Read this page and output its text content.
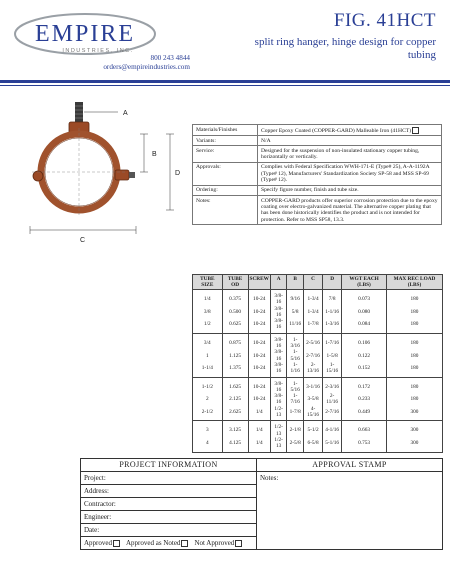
EMPIRE
INDUSTRIES, INC.
800 243 4844
orders@empireindustries.com
FIG. 41HCT
split ring hanger, hinge design for copper tubing
A
B
D
C
Materials/Finishes	Copper Epoxy Coated (COPPER-GARD) Malleable Iron (41HCT)
Variants:	N/A
Service:	Designed for the suspension of non-insulated stationary copper tubing, horizontally or vertically.
Approvals:	Complies with Federal Specification WWH-171-E (Type# 25), A-A-1192A (Type# 12), Manufacturers' Standardization Society SP-58 and MSS SP-69 (Type# 12).
Ordering:	Specify figure number, finish and tube size.
Notes:	COPPER-GARD products offer superior corrosion protection due to the epoxy coating over electro-galvanized material. The alternative copper plating that has been done historically identifies the product and is not intended for protection. Refer to MSS SP58, 13.3.
TUBE SIZE	TUBE OD	SCREW	A	B	C	D	WGT EACH (LBS)	MAX REC LOAD (LBS)
1/4	0.375	10-24	3/8-16	9/16	1-3/4	7/8	0.073	180
3/8	0.500	10-24	3/8-16	5/8	1-3/4	1-1/16	0.080	180
1/2	0.625	10-24	3/8-16	11/16	1-7/8	1-3/16	0.084	180
3/4	0.875	10-24	3/8-16	1-3/16	2-5/16	1-7/16	0.106	180
1	1.125	10-24	3/8-16	1-5/16	2-7/16	1-5/8	0.122	180
1-1/4	1.375	10-24	3/8-16	1-1/16	2-13/16	1-15/16	0.152	180
1-1/2	1.625	10-24	3/8-16	1-5/16	3-1/16	2-3/16	0.172	180
2	2.125	10-24	3/8-16	1-7/16	3-5/8	2-11/16	0.233	180
2-1/2	2.625	1/4	1/2-13	1-7/8	4-15/16	2-7/16	0.449	300
3	3.125	1/4	1/2-13	2-1/8	5-1/2	4-1/16	0.663	300
4	4.125	1/4	1/2-13	2-5/8	6-5/8	5-1/16	0.753	300
PROJECT INFORMATION	APPROVAL STAMP
Project:
Address:
Contractor:
Engineer:
Date:
Approved	Approved as Noted	Not Approved
Notes:
